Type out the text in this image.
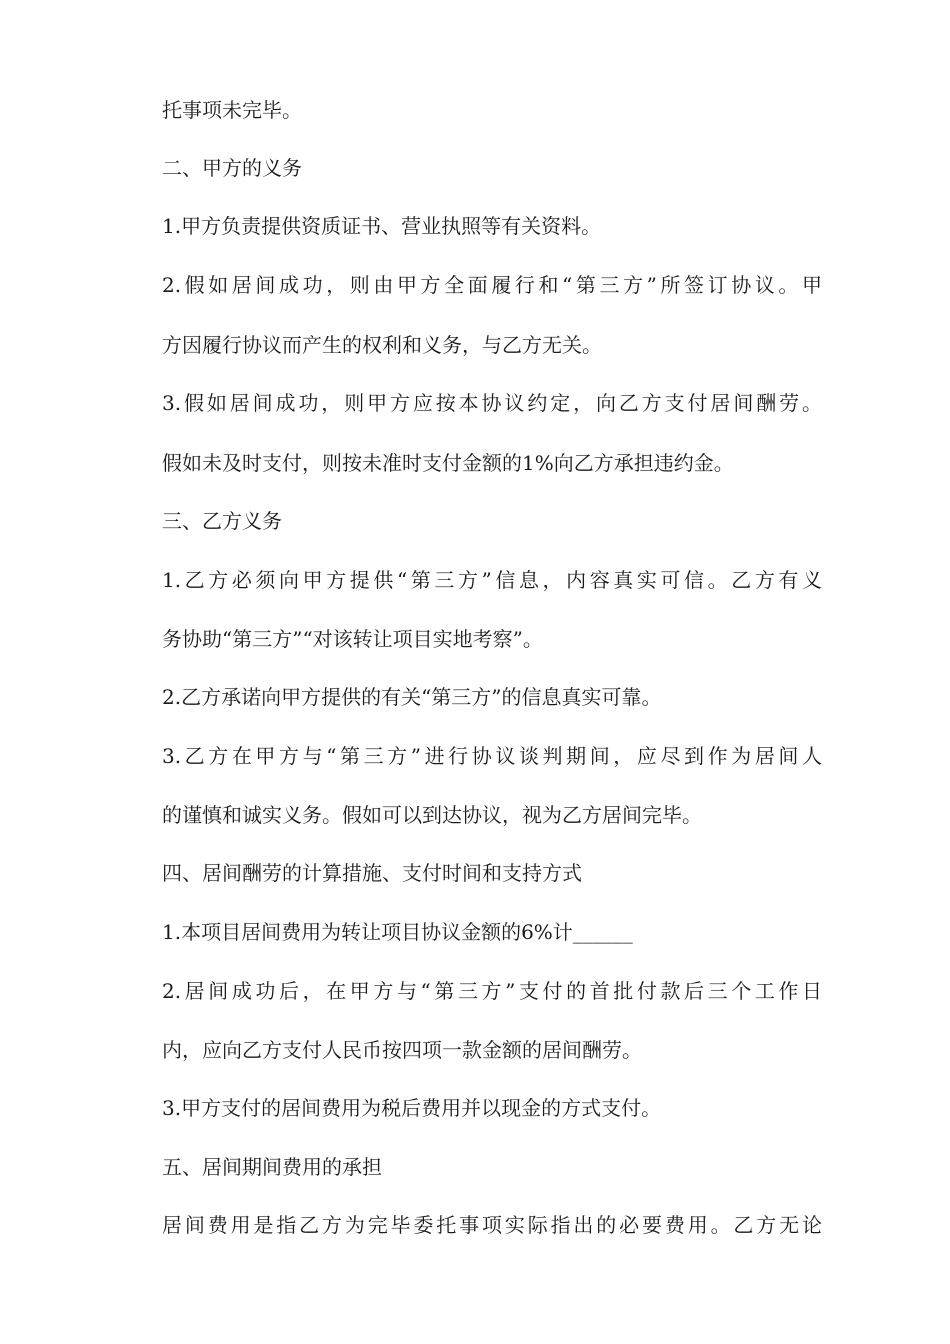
托事项未完毕。

二、甲方的义务

1.甲方负责提供资质证书、营业执照等有关资料。

2.假如居间成功，则由甲方全面履行和“第三方”所签订协议。甲

方因履行协议而产生的权利和义务，与乙方无关。

3.假如居间成功，则甲方应按本协议约定，向乙方支付居间酬劳。

假如未及时支付，则按未准时支付金额的1%向乙方承担违约金。

三、乙方义务

1.乙方必须向甲方提供“第三方”信息，内容真实可信。乙方有义

务协助“第三方”“对该转让项目实地考察”。

2.乙方承诺向甲方提供的有关“第三方”的信息真实可靠。

3.乙方在甲方与“第三方”进行协议谈判期间，应尽到作为居间人

的谨慎和诚实义务。假如可以到达协议，视为乙方居间完毕。

四、居间酬劳的计算措施、支付时间和支持方式

1.本项目居间费用为转让项目协议金额的6%计______

2.居间成功后，在甲方与“第三方”支付的首批付款后三个工作日

内，应向乙方支付人民币按四项一款金额的居间酬劳。

3.甲方支付的居间费用为税后费用并以现金的方式支付。

五、居间期间费用的承担

居间费用是指乙方为完毕委托事项实际指出的必要费用。乙方无论
